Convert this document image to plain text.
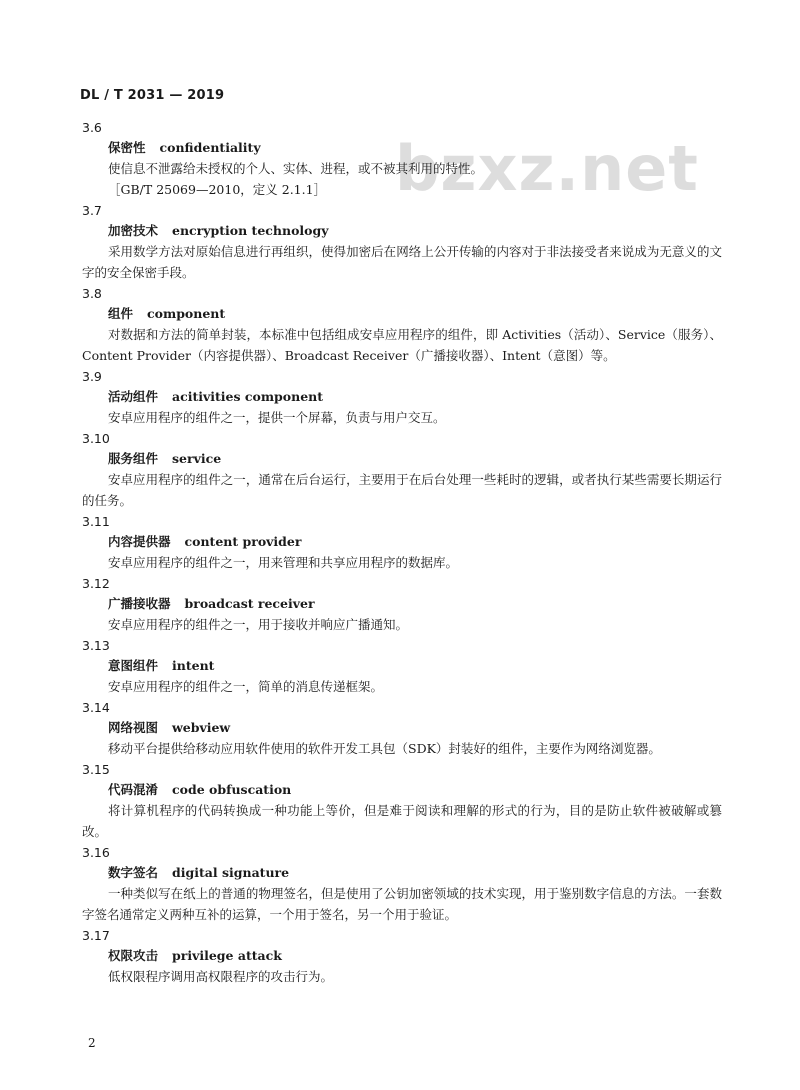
DL / T 2031 — 2019
bzxz.net
3.6
保密性 confidentiality
使信息不泄露给未授权的个人、实体、进程，或不被其利用的特性。
［GB/T 25069—2010，定义 2.1.1］
3.7
加密技术 encryption technology
采用数学方法对原始信息进行再组织，使得加密后在网络上公开传输的内容对于非法接受者来说成为无意义的文字的安全保密手段。
3.8
组件 component
对数据和方法的简单封装，本标准中包括组成安卓应用程序的组件，即 Activities（活动）、Service（服务）、Content Provider（内容提供器）、Broadcast Receiver（广播接收器）、Intent（意图）等。
3.9
活动组件 acitivities component
安卓应用程序的组件之一，提供一个屏幕，负责与用户交互。
3.10
服务组件 service
安卓应用程序的组件之一，通常在后台运行，主要用于在后台处理一些耗时的逻辑，或者执行某些需要长期运行的任务。
3.11
内容提供器 content provider
安卓应用程序的组件之一，用来管理和共享应用程序的数据库。
3.12
广播接收器 broadcast receiver
安卓应用程序的组件之一，用于接收并响应广播通知。
3.13
意图组件 intent
安卓应用程序的组件之一，简单的消息传递框架。
3.14
网络视图 webview
移动平台提供给移动应用软件使用的软件开发工具包（SDK）封装好的组件，主要作为网络浏览器。
3.15
代码混淆 code obfuscation
将计算机程序的代码转换成一种功能上等价，但是难于阅读和理解的形式的行为，目的是防止软件被破解或篡改。
3.16
数字签名 digital signature
一种类似写在纸上的普通的物理签名，但是使用了公钥加密领域的技术实现，用于鉴别数字信息的方法。一套数字签名通常定义两种互补的运算，一个用于签名，另一个用于验证。
3.17
权限攻击 privilege attack
低权限程序调用高权限程序的攻击行为。
2
